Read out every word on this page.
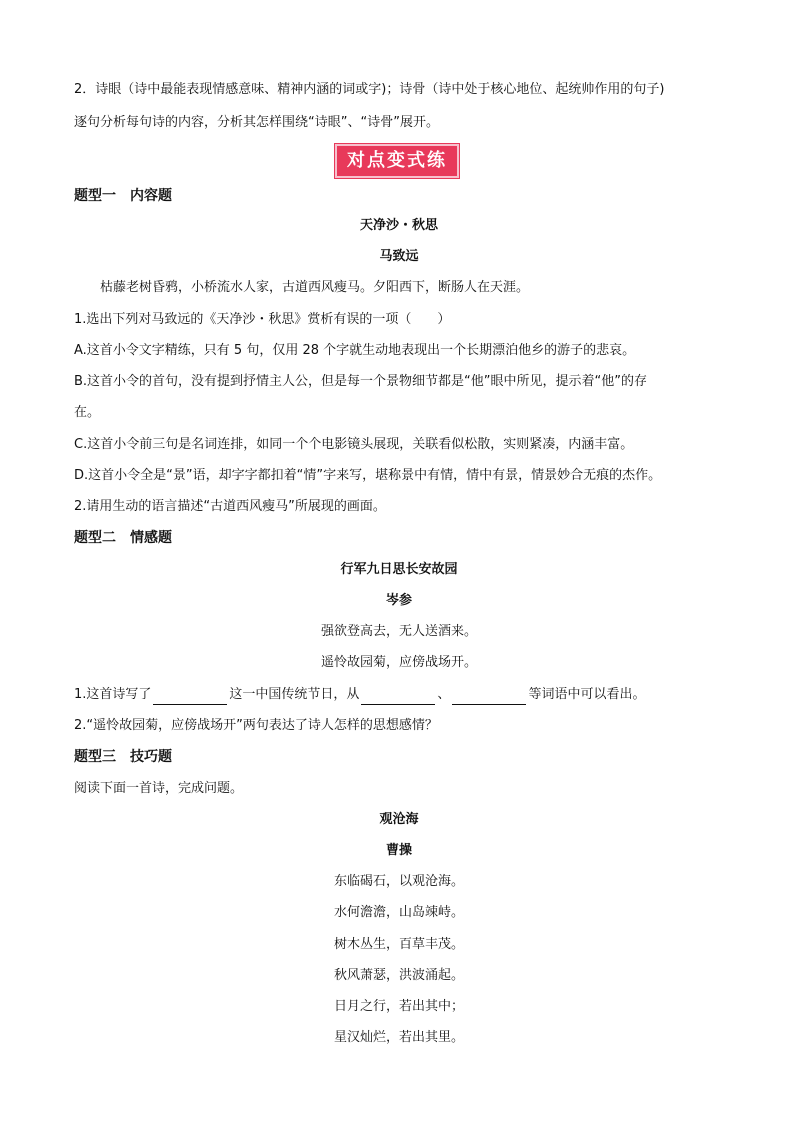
2．诗眼（诗中最能表现情感意味、精神内涵的词或字)；诗骨（诗中处于核心地位、起统帅作用的句子)
逐句分析每句诗的内容，分析其怎样围绕“诗眼”、“诗骨”展开。
对点变式练
题型一　内容题
天净沙・秋思
马致远
枯藤老树昏鸦，小桥流水人家，古道西风瘦马。夕阳西下，断肠人在天涯。
1.选出下列对马致远的《天净沙・秋思》赏析有误的一项（　　）
A.这首小令文字精练，只有 5 句，仅用 28 个字就生动地表现出一个长期漂泊他乡的游子的悲哀。
B.这首小令的首句，没有提到抒情主人公，但是每一个景物细节都是“他”眼中所见，提示着“他”的存
在。
C.这首小令前三句是名词连排，如同一个个电影镜头展现，关联看似松散，实则紧凑，内涵丰富。
D.这首小令全是“景”语，却字字都扣着“情”字来写，堪称景中有情，情中有景，情景妙合无痕的杰作。
2.请用生动的语言描述“古道西风瘦马”所展现的画面。
题型二　情感题
行军九日思长安故园
岑参
强欲登高去，无人送酒来。
遥怜故园菊，应傍战场开。
1.这首诗写了	这一中国传统节日，从	、	等词语中可以看出。
2.“遥怜故园菊，应傍战场开”两句表达了诗人怎样的思想感情？
题型三　技巧题
阅读下面一首诗，完成问题。
观沧海
曹操
东临碣石，以观沧海。
水何澹澹，山岛竦峙。
树木丛生，百草丰茂。
秋风萧瑟，洪波涌起。
日月之行，若出其中；
星汉灿烂，若出其里。
